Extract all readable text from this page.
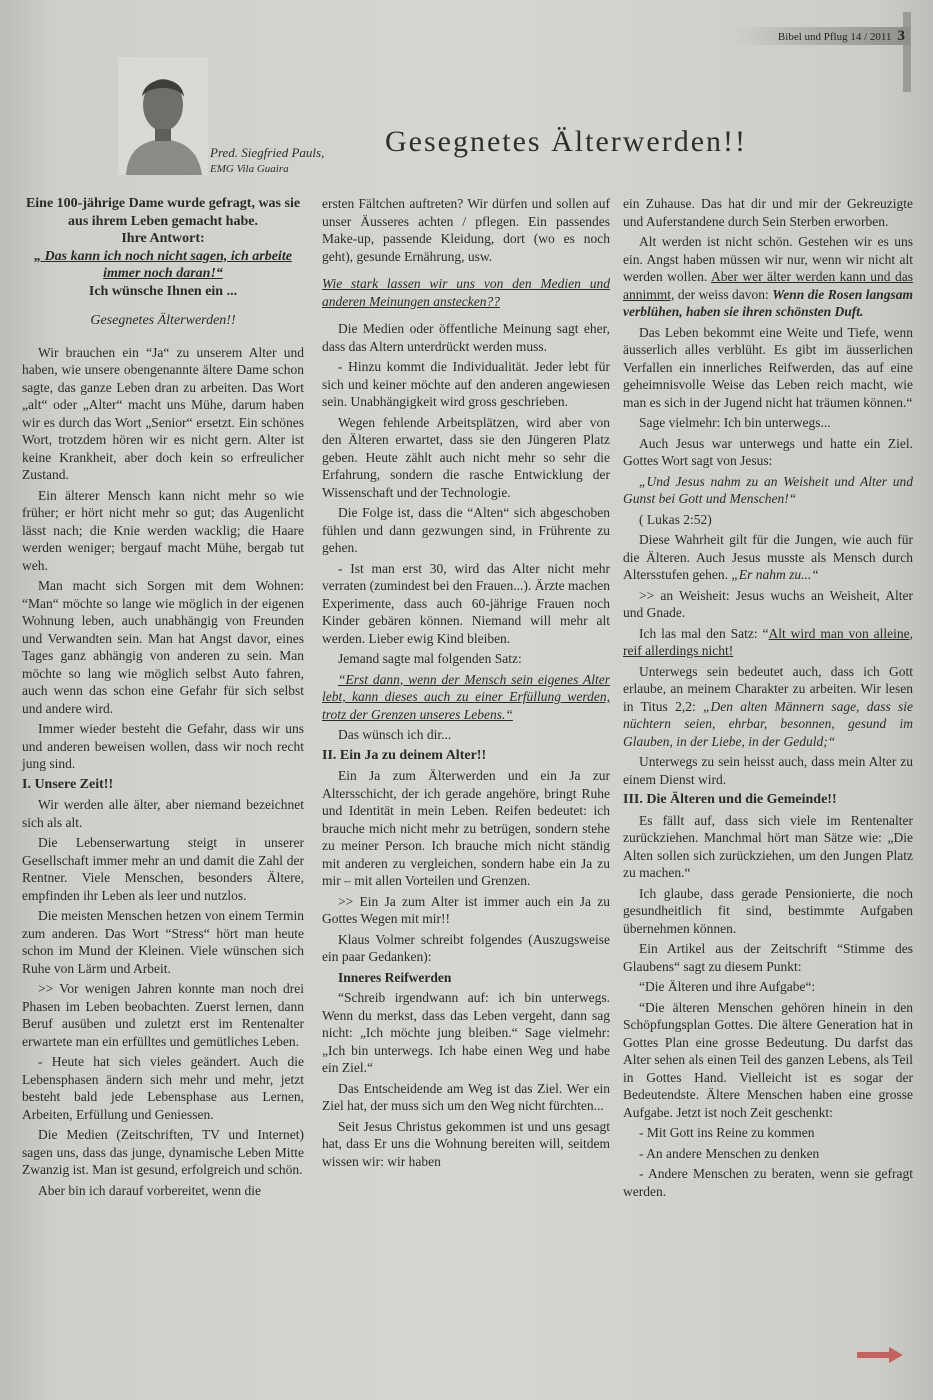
Bibel und Pflug 14 / 2011 3
Pred. Siegfried Pauls,
EMG Vila Guaira
Gesegnetes Älterwerden!!
Eine 100-jährige Dame wurde gefragt, was sie aus ihrem Leben gemacht habe.
Ihre Antwort:
„ Das kann ich noch nicht sagen, ich arbeite immer noch daran!“
Ich wünsche Ihnen ein ...
Gesegnetes Älterwerden!!

Wir brauchen ein “Ja“ zu unserem Alter und haben, wie unsere obengenannte ältere Dame schon sagte, das ganze Leben dran zu arbeiten. Das Wort „alt“ oder „Alter“ macht uns Mühe, darum haben wir es durch das Wort „Senior“ ersetzt. Ein schönes Wort, trotzdem hören wir es nicht gern. Alter ist keine Krankheit, aber doch kein so erfreulicher Zustand.

Ein älterer Mensch kann nicht mehr so wie früher; er hört nicht mehr so gut; das Augenlicht lässt nach; die Knie werden wacklig; die Haare werden weniger; bergauf macht Mühe, bergab tut weh.

Man macht sich Sorgen mit dem Wohnen: “Man“ möchte so lange wie möglich in der eigenen Wohnung leben, auch unabhängig von Freunden und Verwandten sein. Man hat Angst davor, eines Tages ganz abhängig von anderen zu sein. Man möchte so lang wie möglich selbst Auto fahren, auch wenn das schon eine Gefahr für sich selbst und andere wird.

Immer wieder besteht die Gefahr, dass wir uns und anderen beweisen wollen, dass wir noch recht jung sind.

I. Unsere Zeit!!

Wir werden alle älter, aber niemand bezeichnet sich als alt.

Die Lebenserwartung steigt in unserer Gesellschaft immer mehr an und damit die Zahl der Rentner. Viele Menschen, besonders Ältere, empfinden ihr Leben als leer und nutzlos.

Die meisten Menschen hetzen von einem Termin zum anderen. Das Wort “Stress“ hört man heute schon im Mund der Kleinen. Viele wünschen sich Ruhe von Lärm und Arbeit.

>> Vor wenigen Jahren konnte man noch drei Phasen im Leben beobachten. Zuerst lernen, dann Beruf ausüben und zuletzt erst im Rentenalter erwartete man ein erfülltes und gemütliches Leben.

- Heute hat sich vieles geändert. Auch die Lebensphasen ändern sich mehr und mehr, jetzt besteht bald jede Lebensphase aus Lernen, Arbeiten, Erfüllung und Geniessen.

Die Medien (Zeitschriften, TV und Internet) sagen uns, dass das junge, dynamische Leben Mitte Zwanzig ist. Man ist gesund, erfolgreich und schön.

Aber bin ich darauf vorbereitet, wenn die

ersten Fältchen auftreten? Wir dürfen und sollen auf unser Äusseres achten / pflegen. Ein passendes Make-up, passende Kleidung, dort (wo es noch geht), gesunde Ernährung, usw.

Wie stark lassen wir uns von den Medien und anderen Meinungen anstecken??

Die Medien oder öffentliche Meinung sagt eher, dass das Altern unterdrückt werden muss.

- Hinzu kommt die Individualität. Jeder lebt für sich und keiner möchte auf den anderen angewiesen sein. Unabhängigkeit wird gross geschrieben.

Wegen fehlende Arbeitsplätzen, wird aber von den Älteren erwartet, dass sie den Jüngeren Platz geben. Heute zählt auch nicht mehr so sehr die Erfahrung, sondern die rasche Entwicklung der Wissenschaft und der Technologie.

Die Folge ist, dass die “Alten“ sich abgeschoben fühlen und dann gezwungen sind, in Frührente zu gehen.

- Ist man erst 30, wird das Alter nicht mehr verraten (zumindest bei den Frauen...). Ärzte machen Experimente, dass auch 60-jährige Frauen noch Kinder gebären können. Niemand will mehr alt werden. Lieber ewig Kind bleiben.

Jemand sagte mal folgenden Satz:

“Erst dann, wenn der Mensch sein eigenes Alter lebt, kann dieses auch zu einer Erfüllung werden, trotz der Grenzen unseres Lebens.“

Das wünsch ich dir...

II. Ein Ja zu deinem Alter!!

Ein Ja zum Älterwerden und ein Ja zur Altersschicht, der ich gerade angehöre, bringt Ruhe und Identität in mein Leben. Reifen bedeutet: ich brauche mich nicht mehr zu betrügen, sondern stehe zu meiner Person. Ich brauche mich nicht ständig mit anderen zu vergleichen, sondern habe ein Ja zu mir – mit allen Vorteilen und Grenzen.

>> Ein Ja zum Alter ist immer auch ein Ja zu Gottes Wegen mit mir!!

Klaus Volmer schreibt folgendes (Auszugsweise ein paar Gedanken):

Inneres Reifwerden

“Schreib irgendwann auf: ich bin unterwegs. Wenn du merkst, dass das Leben vergeht, dann sag nicht: „Ich möchte jung bleiben.“ Sage vielmehr: „Ich bin unterwegs. Ich habe einen Weg und habe ein Ziel.“

Das Entscheidende am Weg ist das Ziel. Wer ein Ziel hat, der muss sich um den Weg nicht fürchten...

Seit Jesus Christus gekommen ist und uns gesagt hat, dass Er uns die Wohnung bereiten will, seitdem wissen wir: wir haben

ein Zuhause. Das hat dir und mir der Gekreuzigte und Auferstandene durch Sein Sterben erworben.

Alt werden ist nicht schön. Gestehen wir es uns ein. Angst haben müssen wir nur, wenn wir nicht alt werden wollen. Aber wer älter werden kann und das annimmt, der weiss davon: Wenn die Rosen langsam verblühen, haben sie ihren schönsten Duft.

Das Leben bekommt eine Weite und Tiefe, wenn äusserlich alles verblüht. Es gibt im äusserlichen Verfallen ein innerliches Reifwerden, das auf eine geheimnisvolle Weise das Leben reich macht, wie man es sich in der Jugend nicht hat träumen können.“

Sage vielmehr: Ich bin unterwegs...

Auch Jesus war unterwegs und hatte ein Ziel. Gottes Wort sagt von Jesus:

„Und Jesus nahm zu an Weisheit und Alter und Gunst bei Gott und Menschen!“

( Lukas 2:52)

Diese Wahrheit gilt für die Jungen, wie auch für die Älteren. Auch Jesus musste als Mensch durch Altersstufen gehen. „Er nahm zu...“

>> an Weisheit: Jesus wuchs an Weisheit, Alter und Gnade.

Ich las mal den Satz: “Alt wird man von alleine, reif allerdings nicht!

Unterwegs sein bedeutet auch, dass ich Gott erlaube, an meinem Charakter zu arbeiten. Wir lesen in Titus 2,2: „Den alten Männern sage, dass sie nüchtern seien, ehrbar, besonnen, gesund im Glauben, in der Liebe, in der Geduld;“

Unterwegs zu sein heisst auch, dass mein Alter zu einem Dienst wird.

III. Die Älteren und die Gemeinde!!

Es fällt auf, dass sich viele im Rentenalter zurückziehen. Manchmal hört man Sätze wie: „Die Alten sollen sich zurückziehen, um den Jungen Platz zu machen.“

Ich glaube, dass gerade Pensionierte, die noch gesundheitlich fit sind, bestimmte Aufgaben übernehmen können.

Ein Artikel aus der Zeitschrift “Stimme des Glaubens“ sagt zu diesem Punkt:

“Die Älteren und ihre Aufgabe“:

“Die älteren Menschen gehören hinein in den Schöpfungsplan Gottes. Die ältere Generation hat in Gottes Plan eine grosse Bedeutung. Du darfst das Alter sehen als einen Teil des ganzen Lebens, als Teil in Gottes Hand. Vielleicht ist es sogar der Bedeutendste. Ältere Menschen haben eine grosse Aufgabe. Jetzt ist noch Zeit geschenkt:

- Mit Gott ins Reine zu kommen

- An andere Menschen zu denken

- Andere Menschen zu beraten, wenn sie gefragt werden.
